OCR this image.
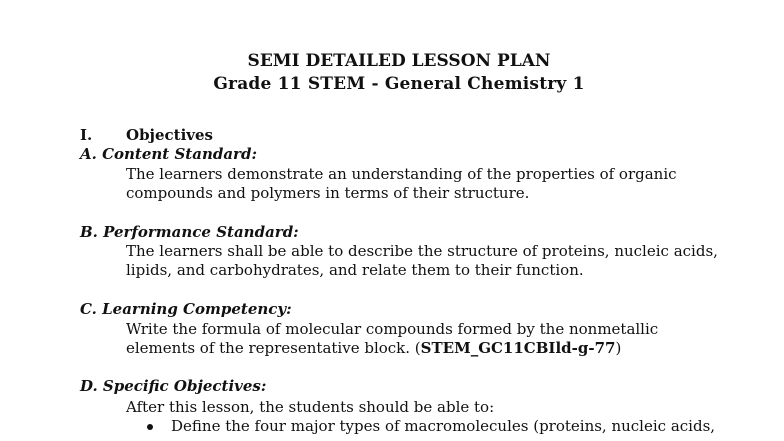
SEMI DETAILED LESSON PLAN
Grade 11 STEM - General Chemistry 1
I. Objectives
A. Content Standard:
The learners demonstrate an understanding of the properties of organic
compounds and polymers in terms of their structure.
B. Performance Standard:
The learners shall be able to describe the structure of proteins, nucleic acids,
lipids, and carbohydrates, and relate them to their function.
C. Learning Competency:
Write the formula of molecular compounds formed by the nonmetallic
elements of the representative block. (STEM_GC11CBIld-g-77)
D. Specific Objectives:
After this lesson, the students should be able to:
Define the four major types of macromolecules (proteins, nucleic acids,
